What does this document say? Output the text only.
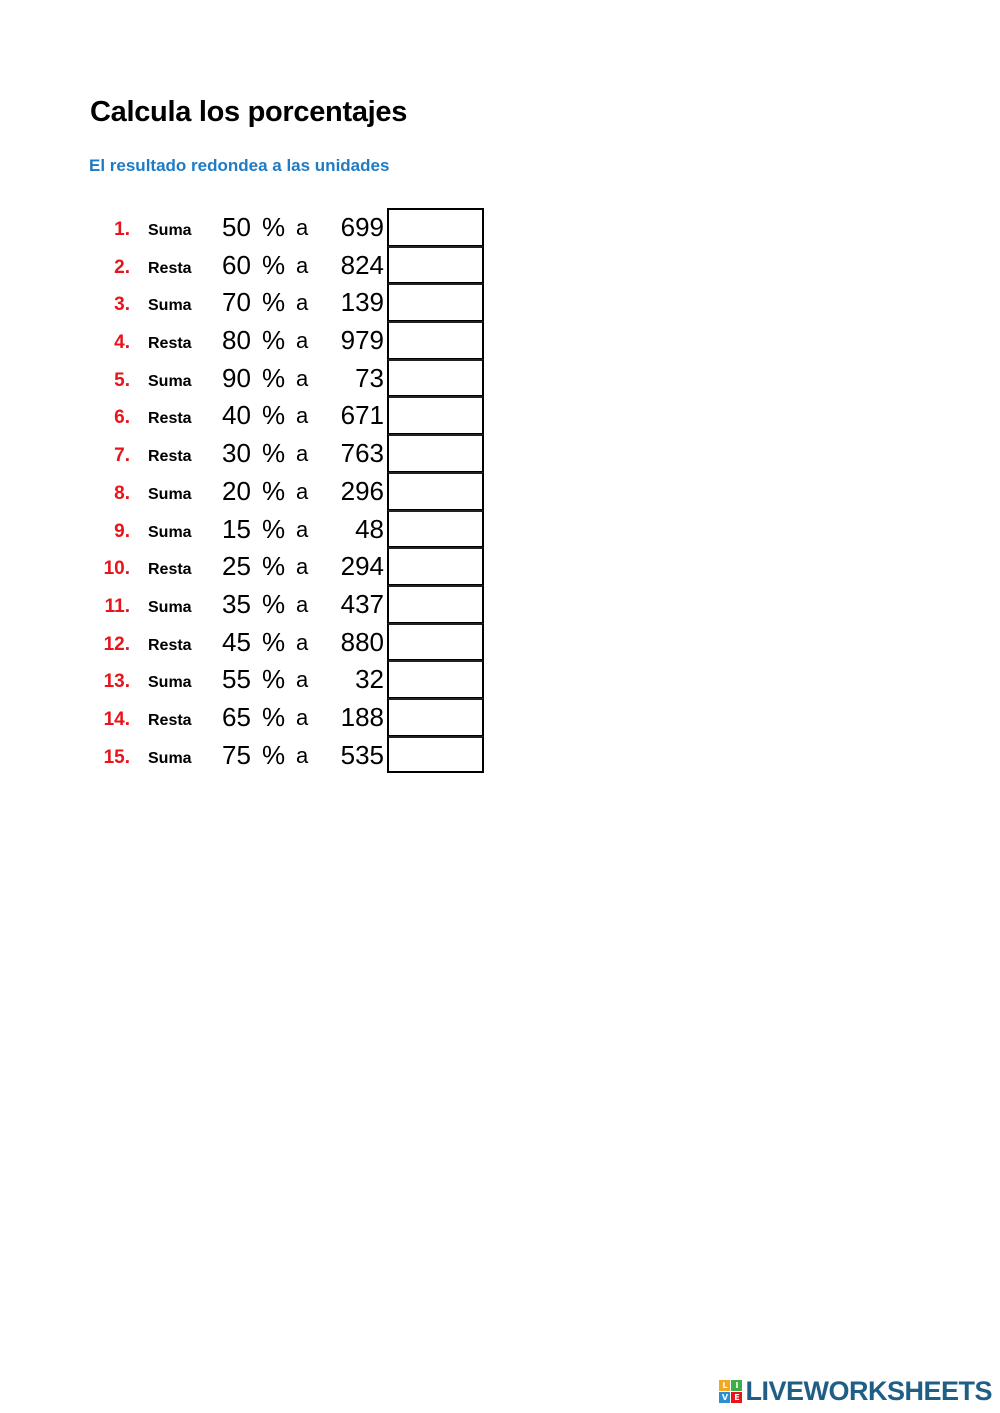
Calcula los porcentajes
El resultado redondea a las unidades
1. Suma 50 % a	699
2. Resta 60 % a	824
3. Suma 70 % a	139
4. Resta 80 % a	979
5. Suma 90 % a	73
6. Resta 40 % a	671
7. Resta 30 % a	763
8. Suma 20 % a	296
9. Suma 15 % a	48
10. Resta 25 % a	294
11. Suma 35 % a	437
12. Resta 45 % a	880
13. Suma 55 % a	32
14. Resta 65 % a	188
15. Suma 75 % a	535
L I
V E LIVEWORKSHEETS
